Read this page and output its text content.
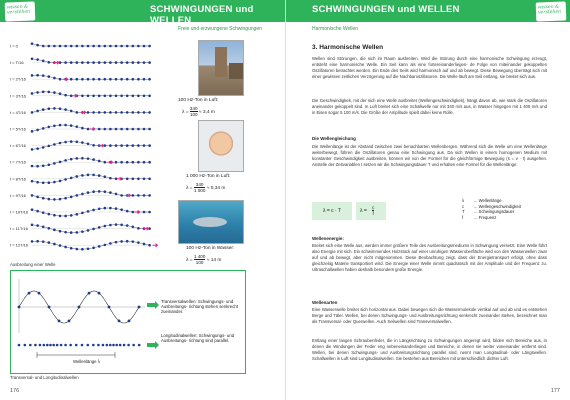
wissen & verstehen	SCHWINGUNGEN und WELLEN
Freie und erzwungene Schwingungen
t = 0
t = T/16
t = 2T/16
t = 3T/16
t = 4T/16
t = 5T/16
t = 6T/16
t = 7T/16
t = 8T/16
t = 9T/16
t = 10T/16
t = 11T/16
t = 12T/16
Ausbreitung einer Welle
100 Hz-Ton in Luft:
$\lambda = \frac{340}{100} \approx 3,4$ m
1 000 Hz-Ton in Luft:
$\lambda = \frac{340}{1 000} \approx 0,34$ m
100 Hz-Ton in Wasser:
$\lambda = \frac{1 400}{100} \approx 14$ m
Transversalwellen: Schwingungs- und Ausbreitungs- richtung stehen senkrecht zueinander.
Longitudinalwellen: Schwingungs- und Ausbreitungs- richtung sind parallel.
Wellenlänge λ
Transversal- und Longitudinalwellen
176
SCHWINGUNGEN und WELLEN	wissen & verstehen
Harmonische Wellen
3. Harmonische Wellen
Wellen sind Störungen, die sich im Raum ausbreiten. Wird die Störung durch eine harmonische Schwingung erzeugt, entsteht eine harmonische Welle. Ein Seil kann als eine fortereinanderliegen- de Folge von miteinander gekoppelten Oszillatoren betrachtet werden. Ein Ende des Seils wird harmonisch auf und ab bewegt. Diese Bewegung überträgt sich mit einer gewissen zeitlichen Verzögerung auf die Nachbaroszillatoren. Die Welle läuft am Seil entlang, sie breitet sich aus.
Die Geschwindigkeit, mit der sich eine Welle ausbreitet (Wellengeschwindigkeit), hängt davon ab, wie stark die Oszillatoren aneinander gekoppelt sind. In Luft breitet sich eine Schallwelle nur mit 340 m/s aus, in Wasser hingegen mit 1 400 m/s und in Eisen sogar 5 100 m/s. Die Größe der Amplitude spielt dabei keine Rolle.
Die Wellengleichung
Die Wellenlänge ist der Abstand zwischen zwei benachbarten Wellenbergen. Während sich die Welle um eine Wellenlänge weiterbewegt, führen die Oszillatoren genau eine Schwingung aus. Da sich Wellen in einem homogenen Medium mit konstanter Geschwindigkeit ausbreiten, können wir von der Formel für die gleichförmige Bewegung (s = v · t) ausgehen. Anstelle der Zeitvariablen t setzen wir die Schwingungsdauer T und erhalten eine Formel für die Wellenlänge:
λ = c · T	$\lambda = \frac{c}{f}$
λ ... Wellenlänge
c ... Wellengeschwindigkeit
T ... Schwingungsdauer
f	... Frequenz
Wellenenergie:
Breitet sich eine Welle aus, werden immer größere Teile des Ausbreitungsmediums in Schwingung versetzt. Eine Welle führt also Energie mit sich. Ein schwimmendes Holzstück auf einer unruhigen Wasseroberfläche wird von den Wasserwellen zwar auf und ab bewegt, aber nicht mitgenommen. Diese Beobachtung zeigt, dass der Energietransport erfolgt, ohne dass gleichzeitig Materie transportiert wird. Die Energie einer Welle nimmt quadratisch mit der Amplitude und der Frequenz zu. Ultraschallwellen haben deshalb besonders große Energie.
Wellenarten
Eine Wasserwelle breitet sich horizontal aus. Dabei bewegen sich die Wassermoleküle vertikal auf und ab und es entstehen Berge und Täler. Wellen, bei denen Schwingungs- und Ausbreitungsrichtung senkrecht zueinander stehen, bezeichnet man als Transversal- oder Querwellen. Auch Seilwellen sind Transversalwellen.
Entlang einer langen Schraubenfeder, die in Längsrichtung zu Schwingungen angeregt wird, bilden sich Bereiche aus, in denen die Windungen der Feder eng nebeneinanderliegen und Bereiche, in denen sie weiter voneinander entfernt sind. Wellen, bei denen Schwingungs- und Ausbreitungsrichtung parallel sind, nennt man Longitudinal- oder Längswellen. Schallwellen in Luft sind Longitudinalwellen. Sie bestehen aus Bereichen mit unterschiedlich dichter Luft.
177
